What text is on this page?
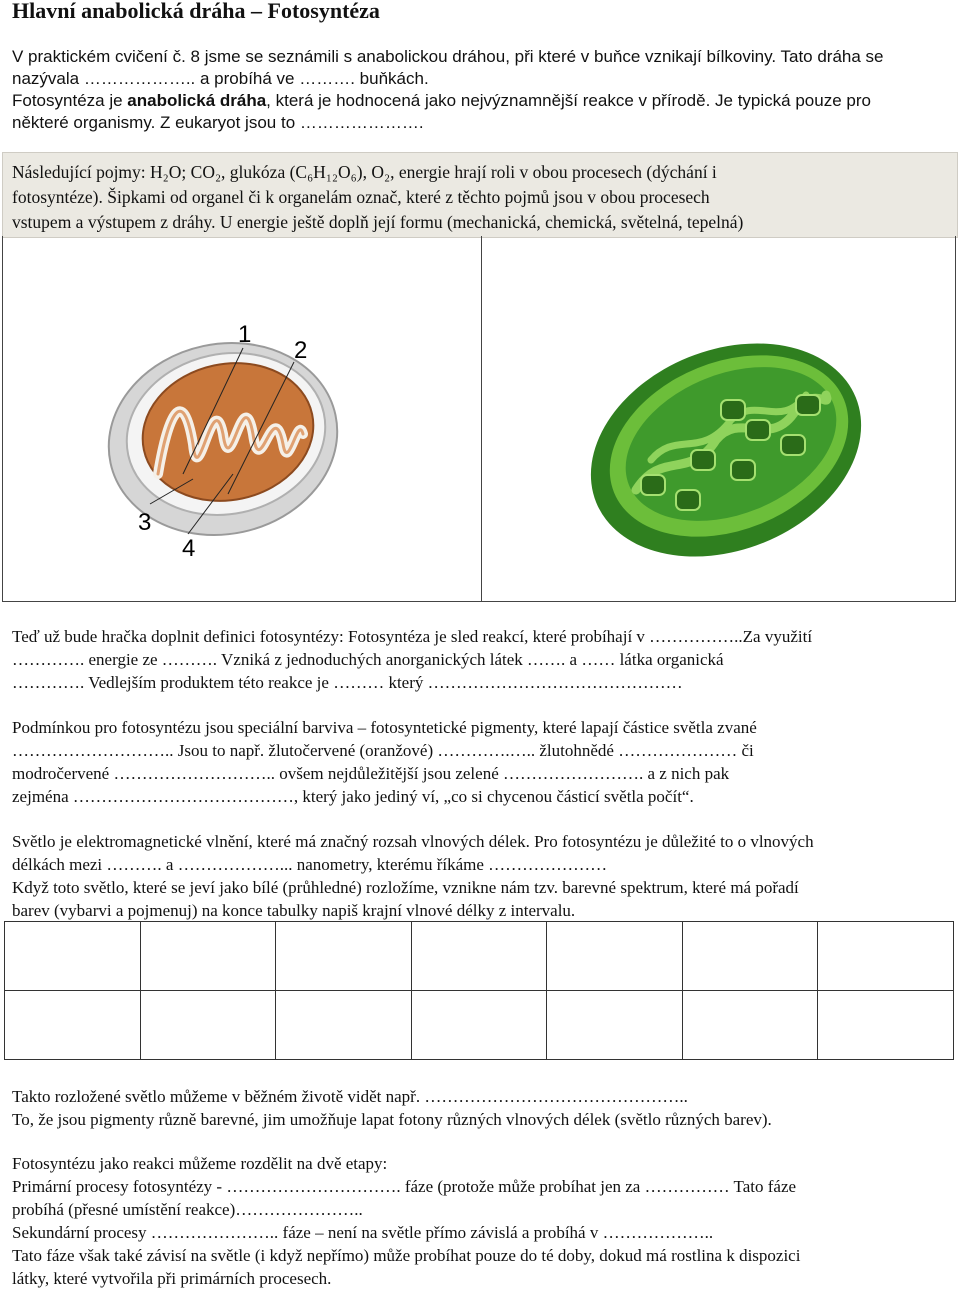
Hlavní anabolická dráha – Fotosyntéza
V praktickém cvičení č. 8 jsme se seznámili s anabolickou dráhou, při které v buňce vznikají bílkoviny. Tato dráha se
nazývala ……………….. a probíhá ve ………. buňkách.
Fotosyntéza je anabolická dráha, která je hodnocená jako nejvýznamnější reakce v přírodě. Je typická pouze pro
některé organismy. Z eukaryot jsou to ………………….
Následující pojmy: H₂O; CO₂, glukóza (C₆H₁₂O₆), O₂, energie hrají roli v obou procesech (dýchání i
fotosyntéze). Šipkami od organel či k organelám označ, které z těchto pojmů jsou v obou procesech
vstupem a výstupem z dráhy. U energie ještě doplň její formu (mechanická, chemická, světelná, tepelná)
1
2
3
4
Teď už bude hračka doplnit definici fotosyntézy: Fotosyntéza je sled reakcí, které probíhají v ……………..Za využití
…………. energie ze ………. Vzniká z jednoduchých anorganických látek ……. a …… látka organická
…………. Vedlejším produktem této reakce je ……… který ………………………………………
Podmínkou pro fotosyntézu jsou speciální barviva – fotosyntetické pigmenty, které lapají částice světla zvané
……………………….. Jsou to např. žlutočervené (oranžové) ………….….. žlutohnědé ………………… či
modročervené ……………………….. ovšem nejdůležitější jsou zelené ……………………. a z nich pak
zejména …………………………………, který jako jediný ví, „co si chycenou částicí světla počít“.
Světlo je elektromagnetické vlnění, které má značný rozsah vlnových délek. Pro fotosyntézu je důležité to o vlnových
délkách mezi ………. a ………………... nanometry, kterému říkáme …………………
Když toto světlo, které se jeví jako bílé (průhledné) rozložíme, vznikne nám tzv. barevné spektrum, které má pořadí
barev (vybarvi a pojmenuj) na konce tabulky napiš krajní vlnové délky z intervalu.

Takto rozložené světlo můžeme v běžném životě vidět např. ………………………………………..
To, že jsou pigmenty různě barevné, jim umožňuje lapat fotony různých vlnových délek (světlo různých barev).
Fotosyntézu jako reakci můžeme rozdělit na dvě etapy:
Primární procesy fotosyntézy - …………………………. fáze (protože může probíhat jen za …………… Tato fáze
probíhá (přesné umístění reakce)…………………..
Sekundární procesy ………………….. fáze – není na světle přímo závislá a probíhá v ………………..
Tato fáze však také závisí na světle (i když nepřímo) může probíhat pouze do té doby, dokud má rostlina k dispozici
látky, které vytvořila při primárních procesech.
